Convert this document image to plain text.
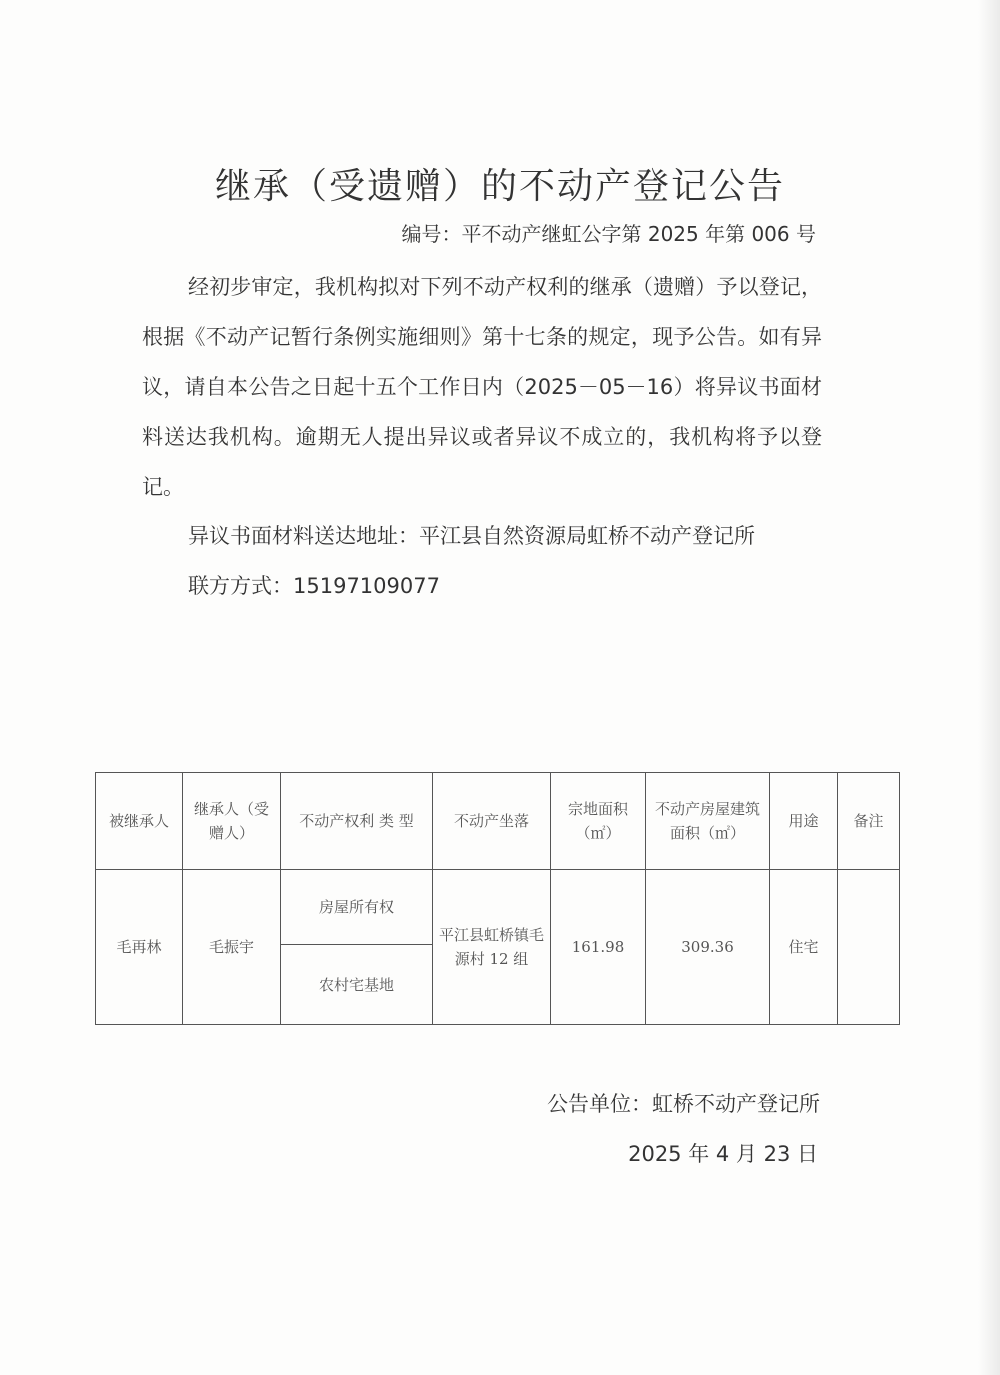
继承（受遗赠）的不动产登记公告
编号：平不动产继虹公字第 2025 年第 006 号
经初步审定，我机构拟对下列不动产权利的继承（遗赠）予以登记，根据《不动产记暂行条例实施细则》第十七条的规定，现予公告。如有异议，请自本公告之日起十五个工作日内（2025－05－16）将异议书面材料送达我机构。逾期无人提出异议或者异议不成立的，我机构将予以登记。
异议书面材料送达地址：平江县自然资源局虹桥不动产登记所
联方方式：15197109077
被继承人	继承人（受赠人）	不动产权利 类 型	不动产坐落	宗地面积（㎡）	不动产房屋建筑面积（㎡）	用途	备注
毛再林	毛振宇	房屋所有权	平江县虹桥镇毛源村 12 组	161.98	309.36	住宅	
		农村宅基地					
公告单位：虹桥不动产登记所
2025 年 4 月 23 日
